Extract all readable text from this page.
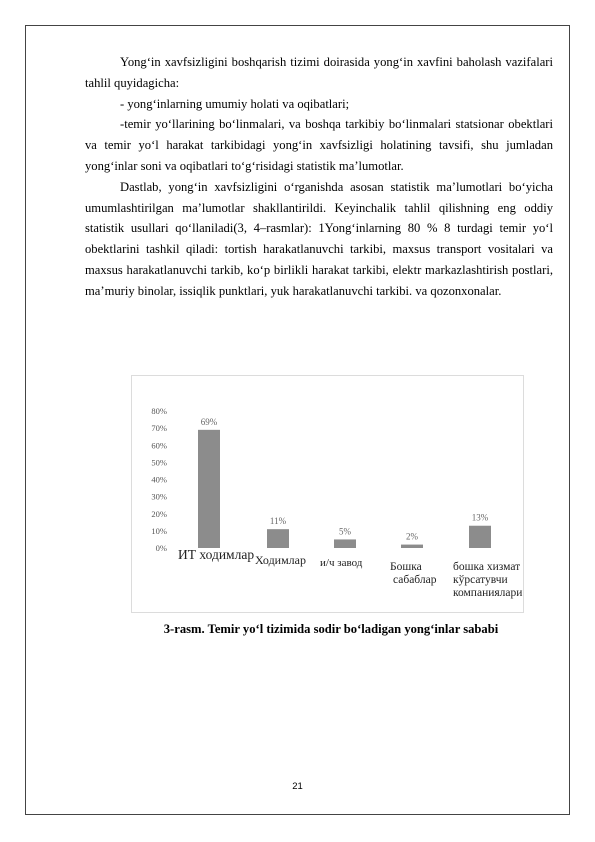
Yong‘in xavfsizligini boshqarish tizimi doirasida yong‘in xavfini baholash vazifalari tahlil quyidagicha:

- yong‘inlarning umumiy holati va oqibatlari;

-temir yo‘llarining bo‘linmalari, va boshqa tarkibiy bo‘linmalari statsionar obektlari va temir yo‘l harakat tarkibidagi yong‘in xavfsizligi holatining tavsifi, shu jumladan yong‘inlar soni va oqibatlari to‘g‘risidagi statistik ma’lumotlar.

Dastlab, yong‘in xavfsizligini o‘rganishda asosan statistik ma’lumotlari bo‘yicha umumlashtirilgan ma’lumotlar shakllantirildi. Keyinchalik tahlil qilishning eng oddiy statistik usullari qo‘llaniladi(3, 4–rasmlar): 1Yong‘inlarning 80 % 8 turdagi temir yo‘l obektlarini tashkil qiladi: tortish harakatlanuvchi tarkibi, maxsus transport vositalari va maxsus harakatlanuvchi tarkib, ko‘p birlikli harakat tarkibi, elektr markazlashtirish postlari, ma’muriy binolar, issiqlik punktlari, yuk harakatlanuvchi tarkibi. va qozonxonalar.

0%
10%
20%
30%
40%
50%
60%
70%
80%
69%
11%
5%
2%
13%
ИТ ходимлар Ходимлар и/ч завод Бошка
сабаблар
бошка хизмат
кўрсатувчи
компаниялари
3-rasm. Temir yo‘l tizimida sodir bo‘ladigan yong‘inlar sababi
21
